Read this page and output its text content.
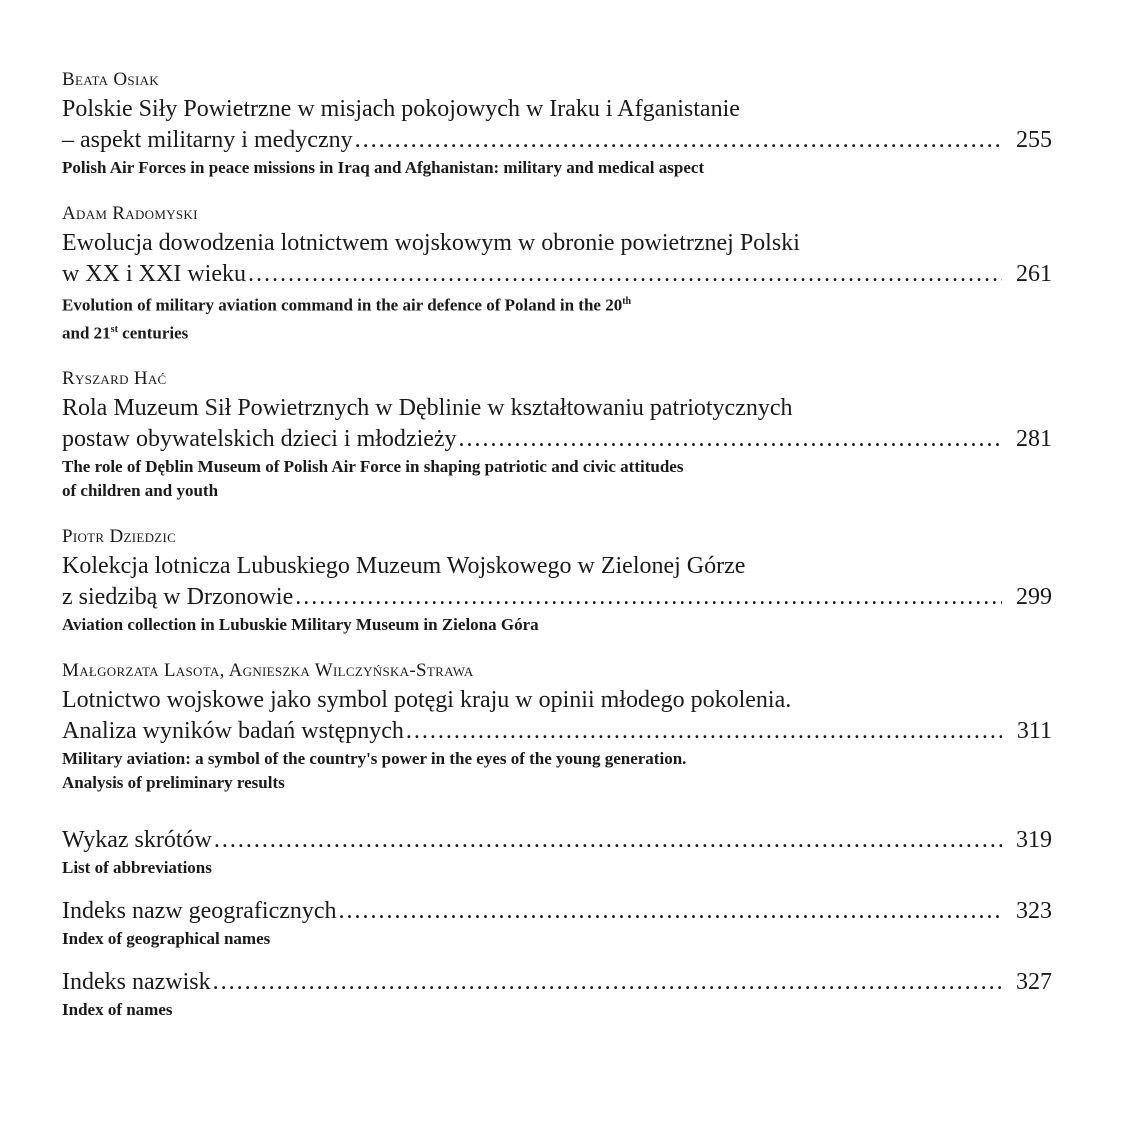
Beata Osiak
Polskie Siły Powietrzne w misjach pokojowych w Iraku i Afganistanie
– aspekt militarny i medyczny .....	255
Polish Air Forces in peace missions in Iraq and Afghanistan: military and medical aspect
Adam Radomyski
Ewolucja dowodzenia lotnictwem wojskowym w obronie powietrznej Polski
w XX i XXI wieku .....	261
Evolution of military aviation command in the air defence of Poland in the 20th
and 21st centuries
Ryszard Hać
Rola Muzeum Sił Powietrznych w Dęblinie w kształtowaniu patriotycznych
postaw obywatelskich dzieci i młodzieży .....	281
The role of Dęblin Museum of Polish Air Force in shaping patriotic and civic attitudes
of children and youth
Piotr Dziedzic
Kolekcja lotnicza Lubuskiego Muzeum Wojskowego w Zielonej Górze
z siedzibą w Drzonowie .....	299
Aviation collection in Lubuskie Military Museum in Zielona Góra
Małgorzata Lasota, Agnieszka Wilczyńska-Strawa
Lotnictwo wojskowe jako symbol potęgi kraju w opinii młodego pokolenia.
Analiza wyników badań wstępnych .....	311
Military aviation: a symbol of the country's power in the eyes of the young generation.
Analysis of preliminary results
Wykaz skrótów .....	319
List of abbreviations
Indeks nazw geograficznych .....	323
Index of geographical names
Indeks nazwisk .....	327
Index of names
